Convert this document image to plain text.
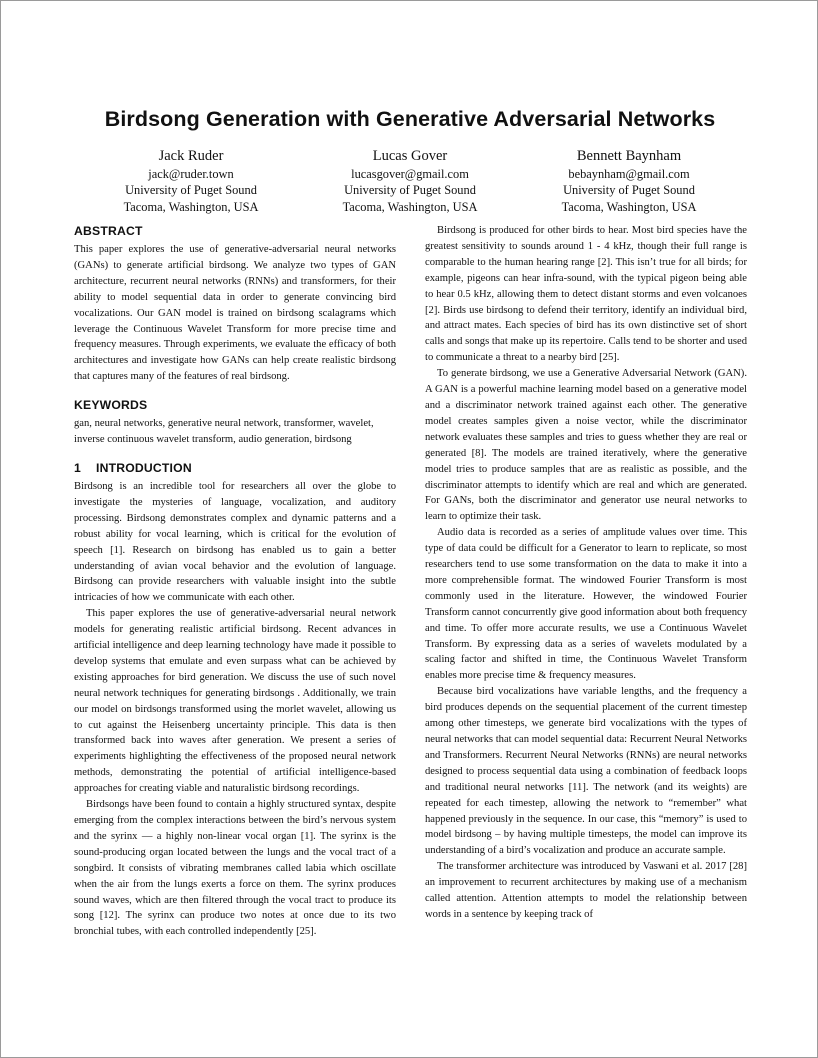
Birdsong Generation with Generative Adversarial Networks
Jack Ruder
jack@ruder.town
University of Puget Sound
Tacoma, Washington, USA
Lucas Gover
lucasgover@gmail.com
University of Puget Sound
Tacoma, Washington, USA
Bennett Baynham
bebaynham@gmail.com
University of Puget Sound
Tacoma, Washington, USA
ABSTRACT

This paper explores the use of generative-adversarial neural networks (GANs) to generate artificial birdsong. We analyze two types of GAN architecture, recurrent neural networks (RNNs) and transformers, for their ability to model sequential data in order to generate convincing bird vocalizations. Our GAN model is trained on birdsong scalagrams which leverage the Continuous Wavelet Transform for more precise time and frequency measures. Through experiments, we evaluate the efficacy of both architectures and investigate how GANs can help create realistic birdsong that captures many of the features of real birdsong.

KEYWORDS

gan, neural networks, generative neural network, transformer, wavelet, inverse continuous wavelet transform, audio generation, birdsong

1 INTRODUCTION

Birdsong is an incredible tool for researchers all over the globe to investigate the mysteries of language, vocalization, and auditory processing. Birdsong demonstrates complex and dynamic patterns and a robust ability for vocal learning, which is critical for the evolution of speech [1]. Research on birdsong has enabled us to gain a better understanding of avian vocal behavior and the evolution of language. Birdsong can provide researchers with valuable insight into the subtle intricacies of how we communicate with each other.

This paper explores the use of generative-adversarial neural network models for generating realistic artificial birdsong. Recent advances in artificial intelligence and deep learning technology have made it possible to develop systems that emulate and even surpass what can be achieved by existing approaches for bird generation. We discuss the use of such novel neural network techniques for generating birdsongs . Additionally, we train our model on birdsongs transformed using the morlet wavelet, allowing us to cut against the Heisenberg uncertainty principle. This data is then transformed back into waves after generation. We present a series of experiments highlighting the effectiveness of the proposed neural network methods, demonstrating the potential of artificial intelligence-based approaches for creating viable and naturalistic birdsong recordings.

Birdsongs have been found to contain a highly structured syntax, despite emerging from the complex interactions between the bird’s nervous system and the syrinx — a highly non-linear vocal organ [1]. The syrinx is the sound-producing organ located between the lungs and the vocal tract of a songbird. It consists of vibrating membranes called labia which oscillate when the air from the lungs exerts a force on them. The syrinx produces sound waves, which are then filtered through the vocal tract to produce its song [12]. The syrinx can produce two notes at once due to its two bronchial tubes, with each controlled independently [25].

Birdsong is produced for other birds to hear. Most bird species have the greatest sensitivity to sounds around 1 - 4 kHz, though their full range is comparable to the human hearing range [2]. This isn’t true for all birds; for example, pigeons can hear infra-sound, with the typical pigeon being able to hear 0.5 kHz, allowing them to detect distant storms and even volcanoes [2]. Birds use birdsong to defend their territory, identify an individual bird, and attract mates. Each species of bird has its own distinctive set of short calls and songs that make up its repertoire. Calls tend to be shorter and used to communicate a threat to a nearby bird [25].

To generate birdsong, we use a Generative Adversarial Network (GAN). A GAN is a powerful machine learning model based on a generative model and a discriminator network trained against each other. The generative model creates samples given a noise vector, while the discriminator network evaluates these samples and tries to guess whether they are real or generated [8]. The models are trained iteratively, where the generative model tries to produce samples that are as realistic as possible, and the discriminator attempts to identify which are real and which are generated. For GANs, both the discriminator and generator use neural networks to learn to optimize their task.

Audio data is recorded as a series of amplitude values over time. This type of data could be difficult for a Generator to learn to replicate, so most researchers tend to use some transformation on the data to make it into a more comprehensible format. The windowed Fourier Transform is most commonly used in the literature. However, the windowed Fourier Transform cannot concurrently give good information about both frequency and time. To offer more accurate results, we use a Continuous Wavelet Transform. By expressing data as a series of wavelets modulated by a scaling factor and shifted in time, the Continuous Wavelet Transform enables more precise time & frequency measures.

Because bird vocalizations have variable lengths, and the frequency a bird produces depends on the sequential placement of the current timestep among other timesteps, we generate bird vocalizations with the types of neural networks that can model sequential data: Recurrent Neural Networks and Transformers. Recurrent Neural Networks (RNNs) are neural networks designed to process sequential data using a combination of feedback loops and traditional neural networks [11]. The network (and its weights) are repeated for each timestep, allowing the network to “remember” what happened previously in the sequence. In our case, this “memory” is used to model birdsong – by having multiple timesteps, the model can improve its understanding of a bird’s vocalization and produce an accurate sample.

The transformer architecture was introduced by Vaswani et al. 2017 [28] an improvement to recurrent architectures by making use of a mechanism called attention. Attention attempts to model the relationship between words in a sentence by keeping track of
